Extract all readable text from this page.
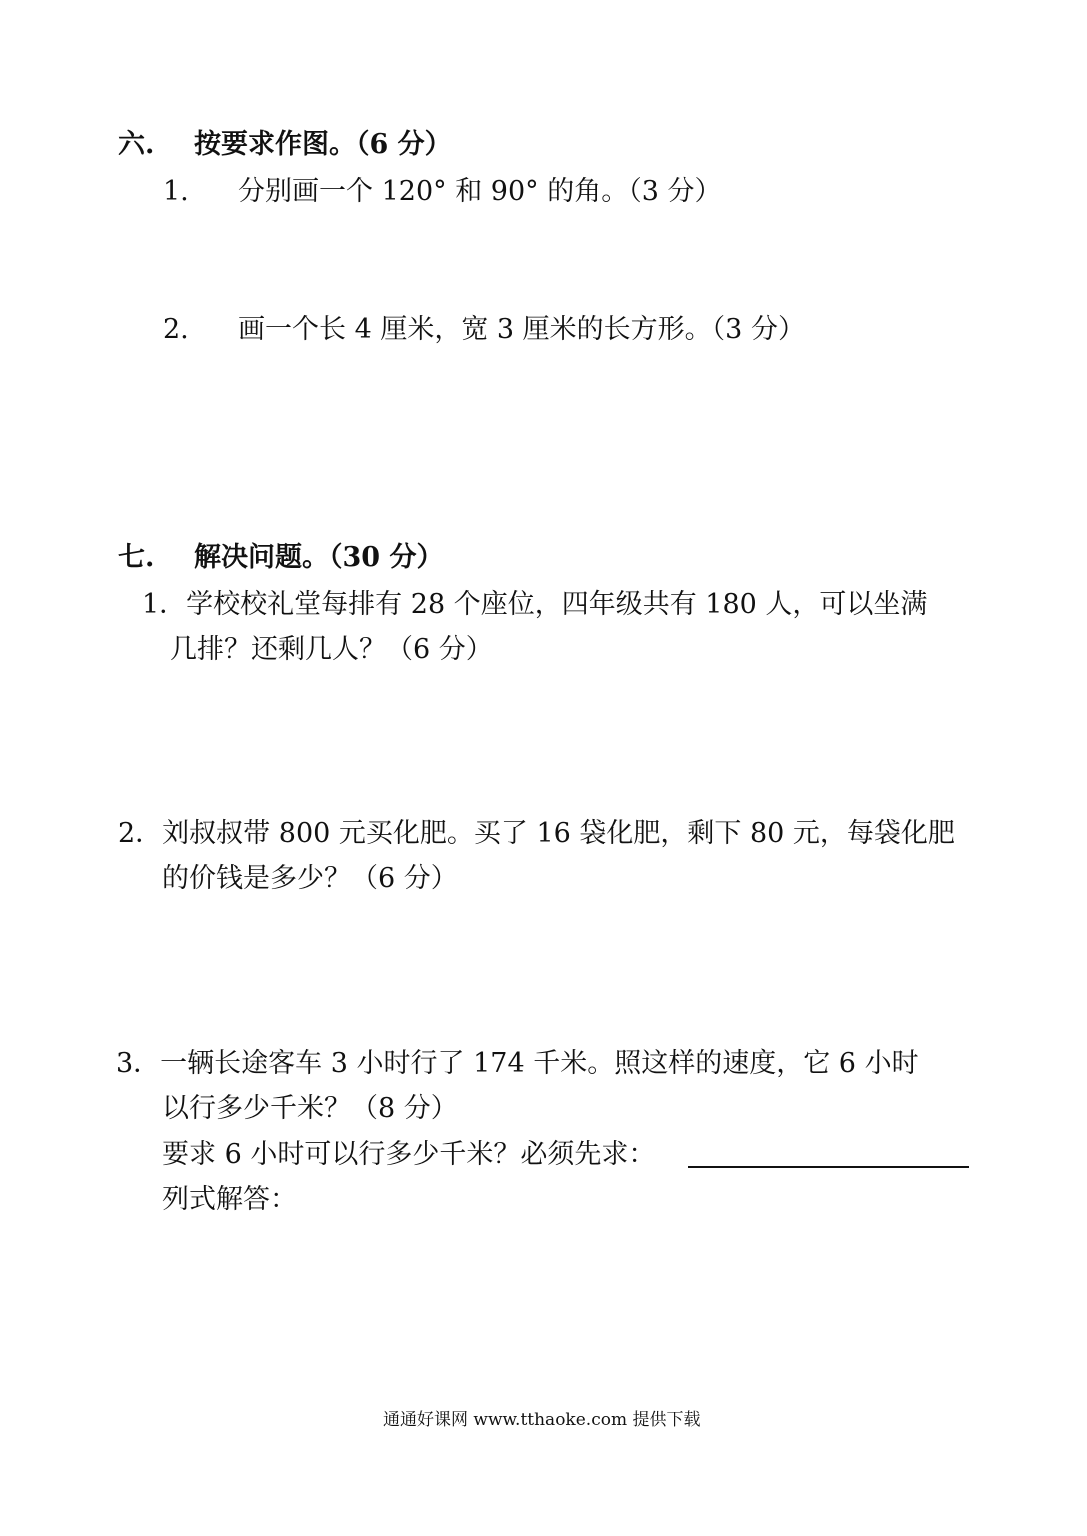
六. 按要求作图。（6 分）
1. 分别画一个 120° 和 90° 的角。（3 分）
2. 画一个长 4 厘米，宽 3 厘米的长方形。（3 分）
七. 解决问题。（30 分）
1．学校校礼堂每排有 28 个座位，四年级共有 180 人，可以坐满
几排？还剩几人？（6 分）
2．刘叔叔带 800 元买化肥。买了 16 袋化肥，剩下 80 元，每袋化肥
的价钱是多少？（6 分）
3．一辆长途客车 3 小时行了 174 千米。照这样的速度，它 6 小时
以行多少千米？（8 分）
要求 6 小时可以行多少千米？必须先求：
列式解答：
通通好课网 www.tthaoke.com 提供下载
